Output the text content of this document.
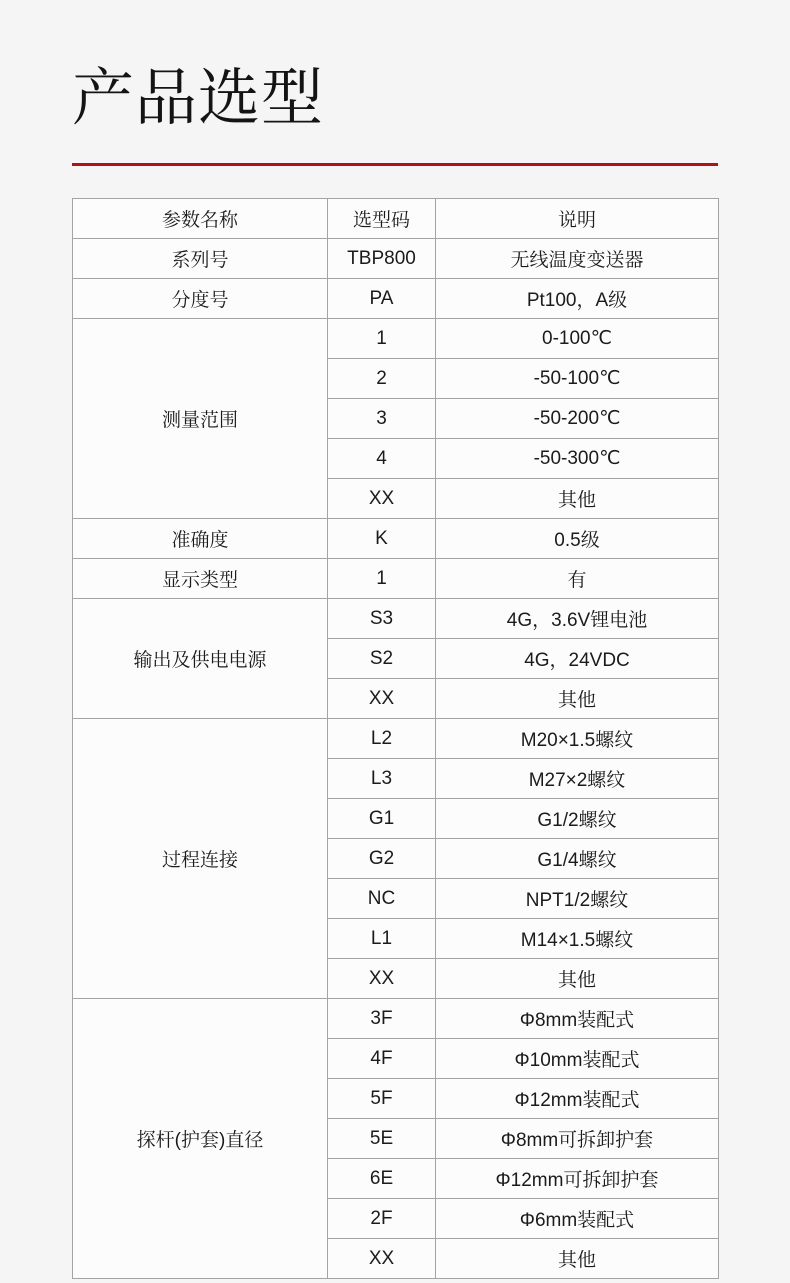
产品选型
参数名称	选型码	说明
系列号	TBP800	无线温度变送器
分度号	PA	Pt100，A级
测量范围	1	0-100℃
	2	-50-100℃
	3	-50-200℃
	4	-50-300℃
	XX	其他
准确度	K	0.5级
显示类型	1	有
输出及供电电源	S3	4G，3.6V锂电池
	S2	4G，24VDC
	XX	其他
过程连接	L2	M20×1.5螺纹
	L3	M27×2螺纹
	G1	G1/2螺纹
	G2	G1/4螺纹
	NC	NPT1/2螺纹
	L1	M14×1.5螺纹
	XX	其他
探杆(护套)直径	3F	Φ8mm装配式
	4F	Φ10mm装配式
	5F	Φ12mm装配式
	5E	Φ8mm可拆卸护套
	6E	Φ12mm可拆卸护套
	2F	Φ6mm装配式
	XX	其他
